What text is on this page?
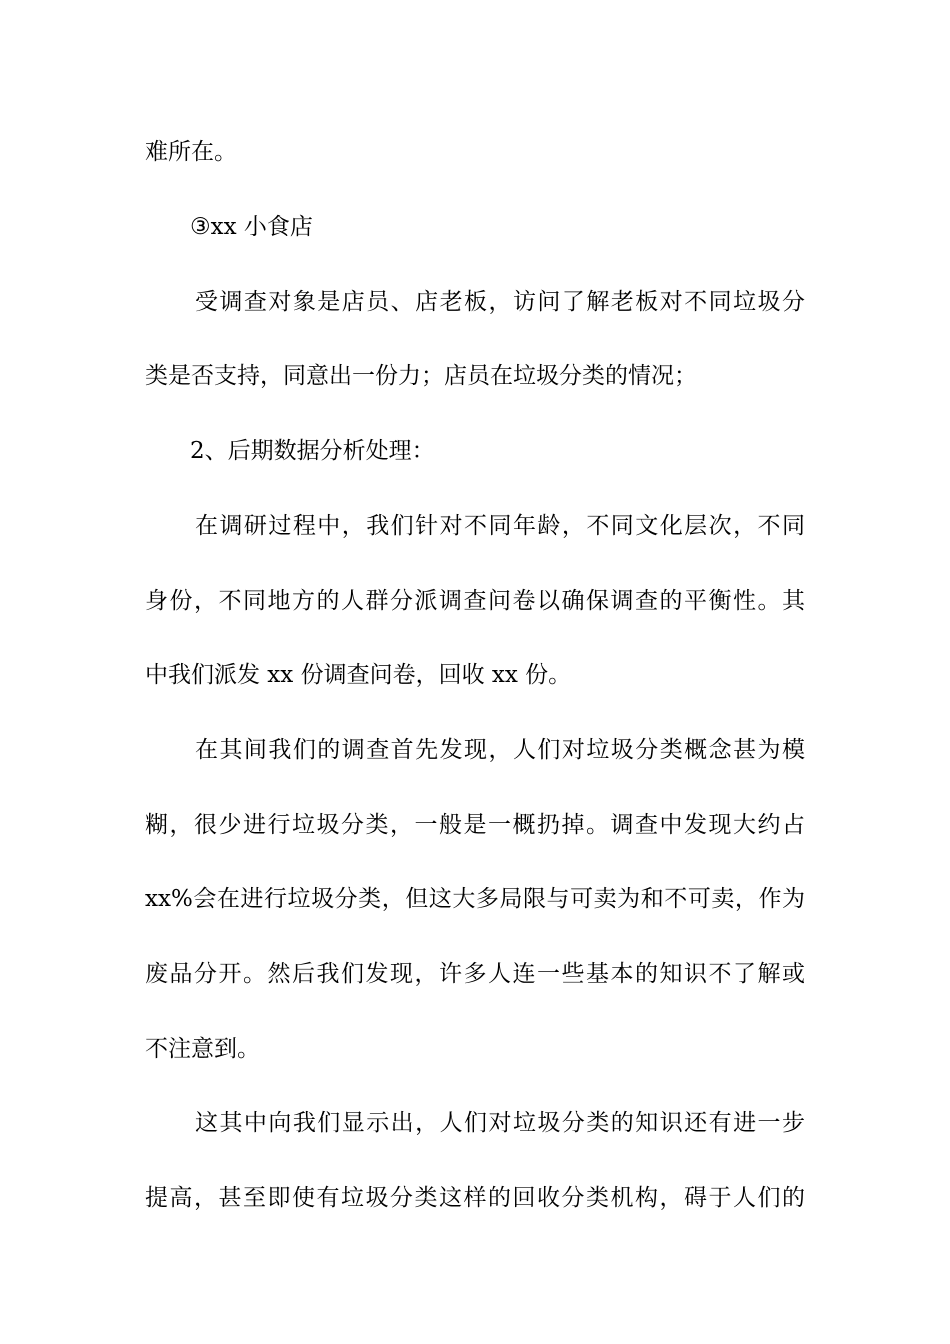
难所在。
③xx 小食店
受调查对象是店员、店老板，访问了解老板对不同垃圾分
类是否支持，同意出一份力；店员在垃圾分类的情况；
2、后期数据分析处理：
在调研过程中，我们针对不同年龄，不同文化层次，不同
身份，不同地方的人群分派调查问卷以确保调查的平衡性。其
中我们派发 xx 份调查问卷，回收 xx 份。
在其间我们的调查首先发现，人们对垃圾分类概念甚为模
糊，很少进行垃圾分类，一般是一概扔掉。调查中发现大约占
xx%会在进行垃圾分类，但这大多局限与可卖为和不可卖，作为
废品分开。然后我们发现，许多人连一些基本的知识不了解或
不注意到。
这其中向我们显示出，人们对垃圾分类的知识还有进一步
提高，甚至即使有垃圾分类这样的回收分类机构，碍于人们的
